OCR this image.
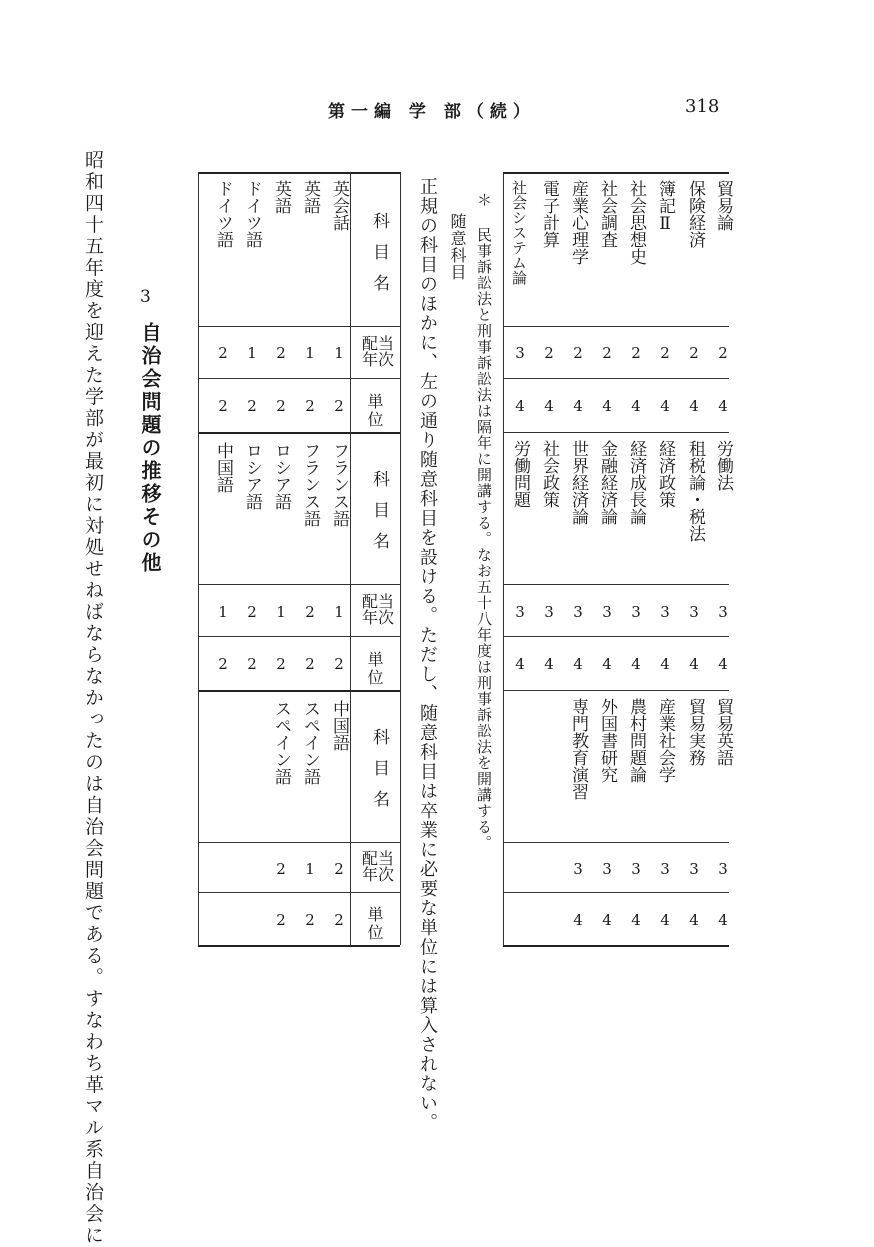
第一編 学 部（続）	318
貿易論
保険経済
簿記Ⅱ
社会思想史
社会調査
産業心理学
電子計算
社会システム論
2
2
2
2
2
2
2
3
4
4
4
4
4
4
4
4
労働法
租税論・税法
経済政策
経済成長論
金融経済論
世界経済論
社会政策
労働問題
3
3
3
3
3
3
3
3
4
4
4
4
4
4
4
4
貿易英語
貿易実務
産業社会学
農村問題論
外国書研究
専門教育演習
3
3
3
3
3
3
4
4
4
4
4
4
＊ 民事訴訟法と刑事訴訟法は隔年に開講する。なお五十八年度は刑事訴訟法を開講する。
随意科目
正規の科目のほかに、左の通り随意科目を設ける。ただし、随意科目は卒業に必要な単位には算入されない。
科目名
配当
年次
単位
科目名
配当
年次
単位
科目名
配当
年次
単位
英会話
英語
英語
ドイツ語
ドイツ語
1
1
2
1
2
2
2
2
2
2
フランス語
フランス語
ロシア語
ロシア語
中国語
1
2
1
2
1
2
2
2
2
2
中国語
スペイン語
スペイン語
2
1
2
2
2
2
3
自治会問題の推移その他
昭和四十五年度を迎えた学部が最初に対処せねばならなかったのは自治会問題である。すなわち革マル系自治会に
